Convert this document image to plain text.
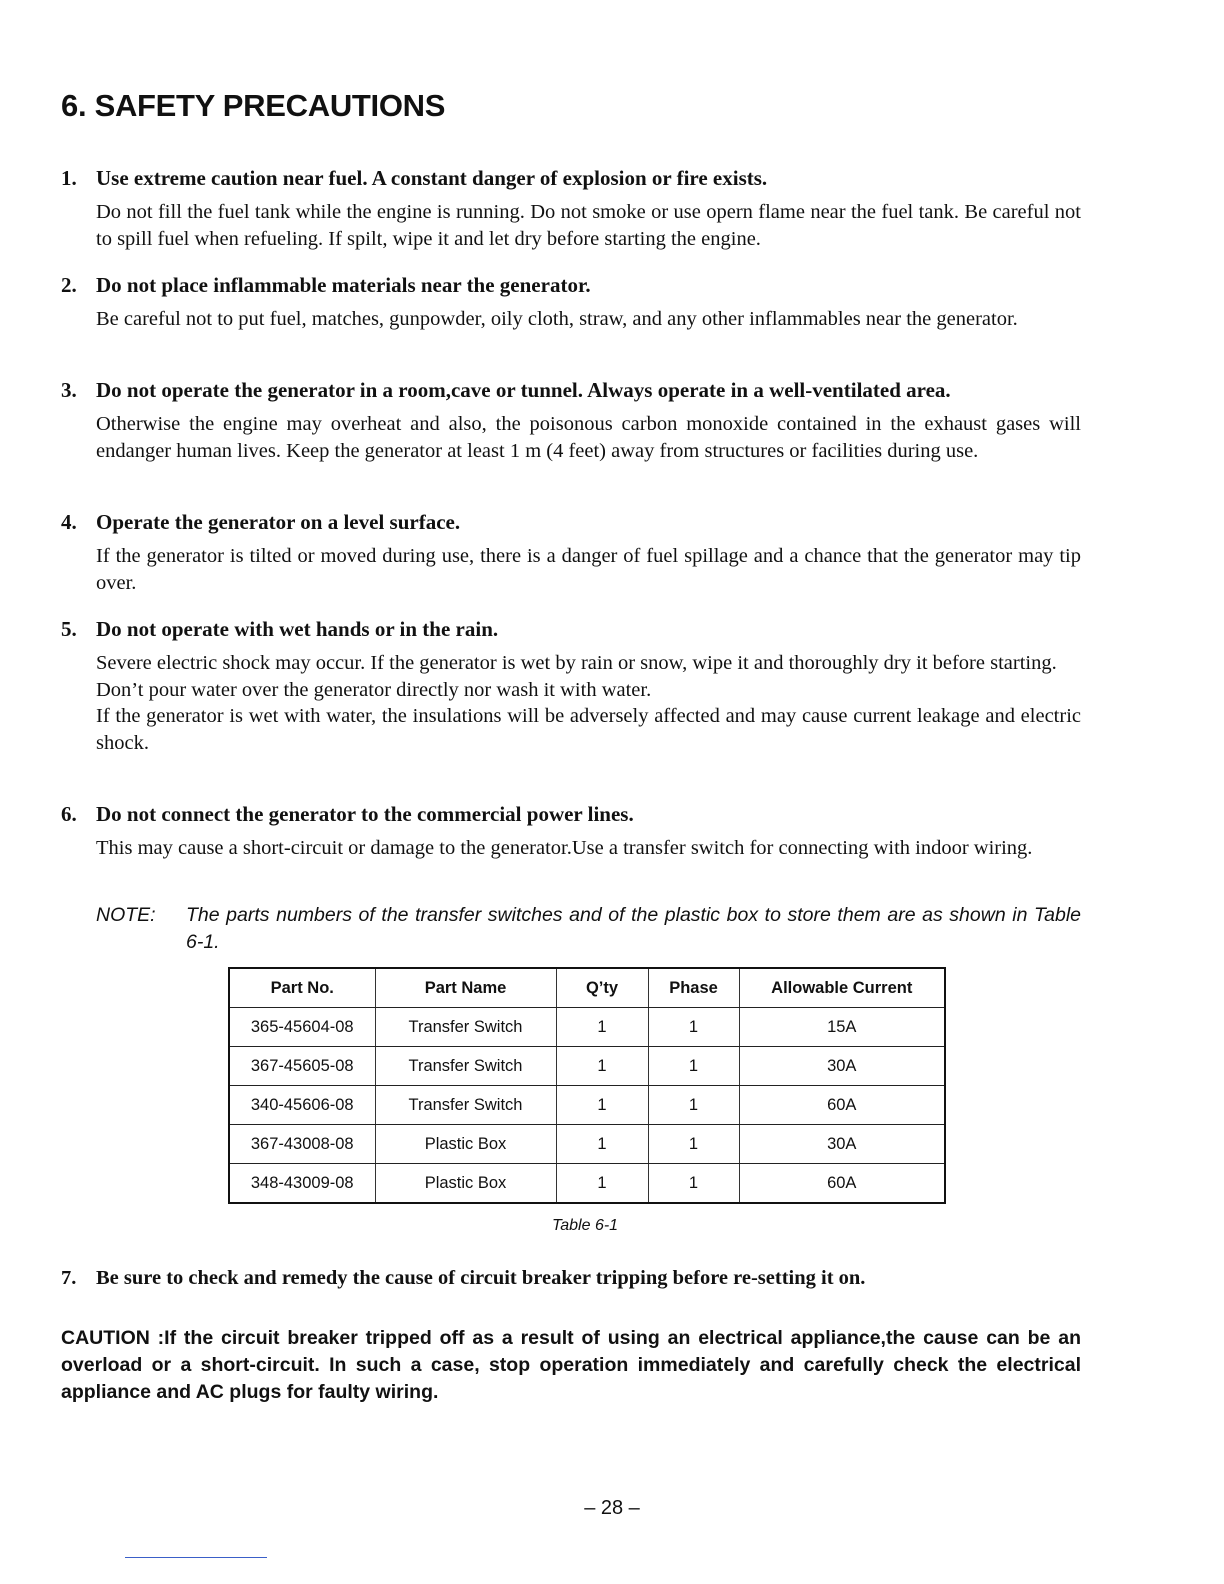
6. SAFETY PRECAUTIONS
1. Use extreme caution near fuel. A constant danger of explosion or fire exists.

Do not fill the fuel tank while the engine is running. Do not smoke or use opern flame near the fuel tank. Be careful not to spill fuel when refueling. If spilt, wipe it and let dry before starting the engine.

2. Do not place inflammable materials near the generator.

Be careful not to put fuel, matches, gunpowder, oily cloth, straw, and any other inflammables near the generator.

3. Do not operate the generator in a room,cave or tunnel. Always operate in a well-ventilated area.

Otherwise the engine may overheat and also, the poisonous carbon monoxide contained in the exhaust gases will endanger human lives. Keep the generator at least 1 m (4 feet) away from structures or facilities during use.

4. Operate the generator on a level surface.

If the generator is tilted or moved during use, there is a danger of fuel spillage and a chance that the generator may tip over.

5. Do not operate with wet hands or in the rain.

Severe electric shock may occur. If the generator is wet by rain or snow, wipe it and thoroughly dry it before starting.

Don’t pour water over the generator directly nor wash it with water.

If the generator is wet with water, the insulations will be adversely affected and may cause current leakage and electric shock.

6. Do not connect the generator to the commercial power lines.

This may cause a short-circuit or damage to the generator.Use a transfer switch for connecting with indoor wiring.

NOTE:	The parts numbers of the transfer switches and of the plastic box to store them are as shown in Table 6-1.
Part No.	Part Name	Q’ty	Phase	Allowable Current
365-45604-08	Transfer Switch	1	1	15A
367-45605-08	Transfer Switch	1	1	30A
340-45606-08	Transfer Switch	1	1	60A
367-43008-08	Plastic Box	1	1	30A
348-43009-08	Plastic Box	1	1	60A
Table 6-1
7. Be sure to check and remedy the cause of circuit breaker tripping before re-setting it on.

CAUTION :If the circuit breaker tripped off as a result of using an electrical appliance,the cause can be an overload or a short-circuit. In such a case, stop operation immediately and carefully check the electrical appliance and AC plugs for faulty wiring.

– 28 –
